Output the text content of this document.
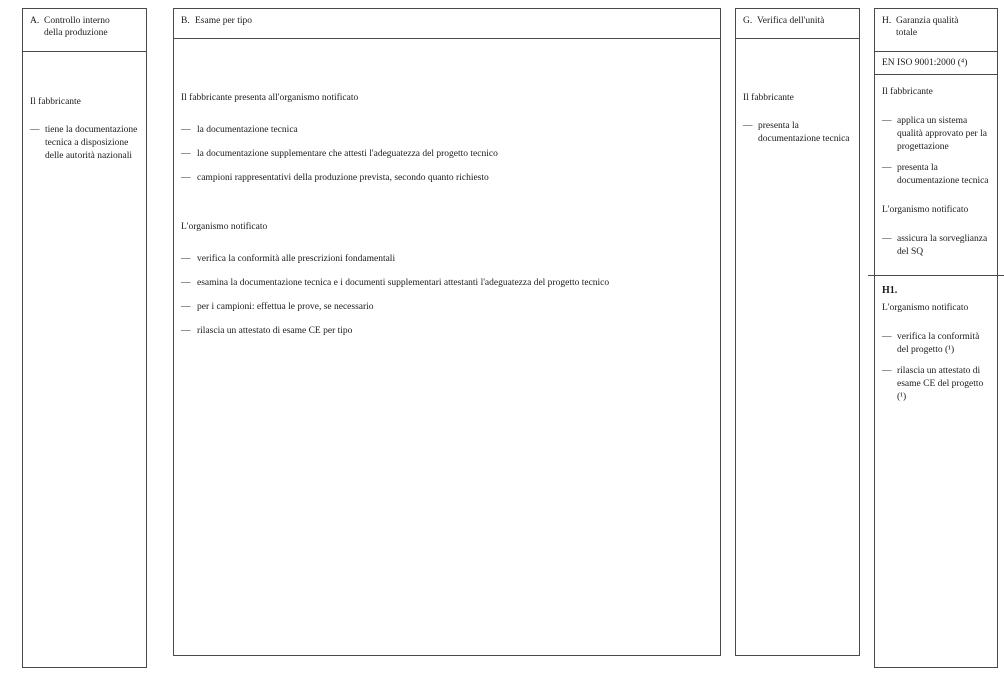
A. Controllo interno
della produzione

Il fabbricante

— tiene la documentazione tecnica a disposizione delle autorità nazionali
B. Esame per tipo

Il fabbricante presenta all'organismo notificato

— la documentazione tecnica
— la documentazione supplementare che attesti l'adeguatezza del progetto tecnico
— campioni rappresentativi della produzione prevista, secondo quanto richiesto

L'organismo notificato

— verifica la conformità alle prescrizioni fondamentali
— esamina la documentazione tecnica e i documenti supplementari attestanti l'adeguatezza del progetto tecnico
— per i campioni: effettua le prove, se necessario
— rilascia un attestato di esame CE per tipo
G. Verifica dell'unità

Il fabbricante

— presenta la documentazione tecnica
H. Garanzia qualità
totale
EN ISO 9001:2000 (⁴)

Il fabbricante

— applica un sistema qualità approvato per la progettazione
— presenta la documentazione tecnica

L'organismo notificato

— assicura la sorveglianza del SQ

H1.

L'organismo notificato

— verifica la conformità del progetto (¹)
— rilascia un attestato di esame CE del progetto (¹)
